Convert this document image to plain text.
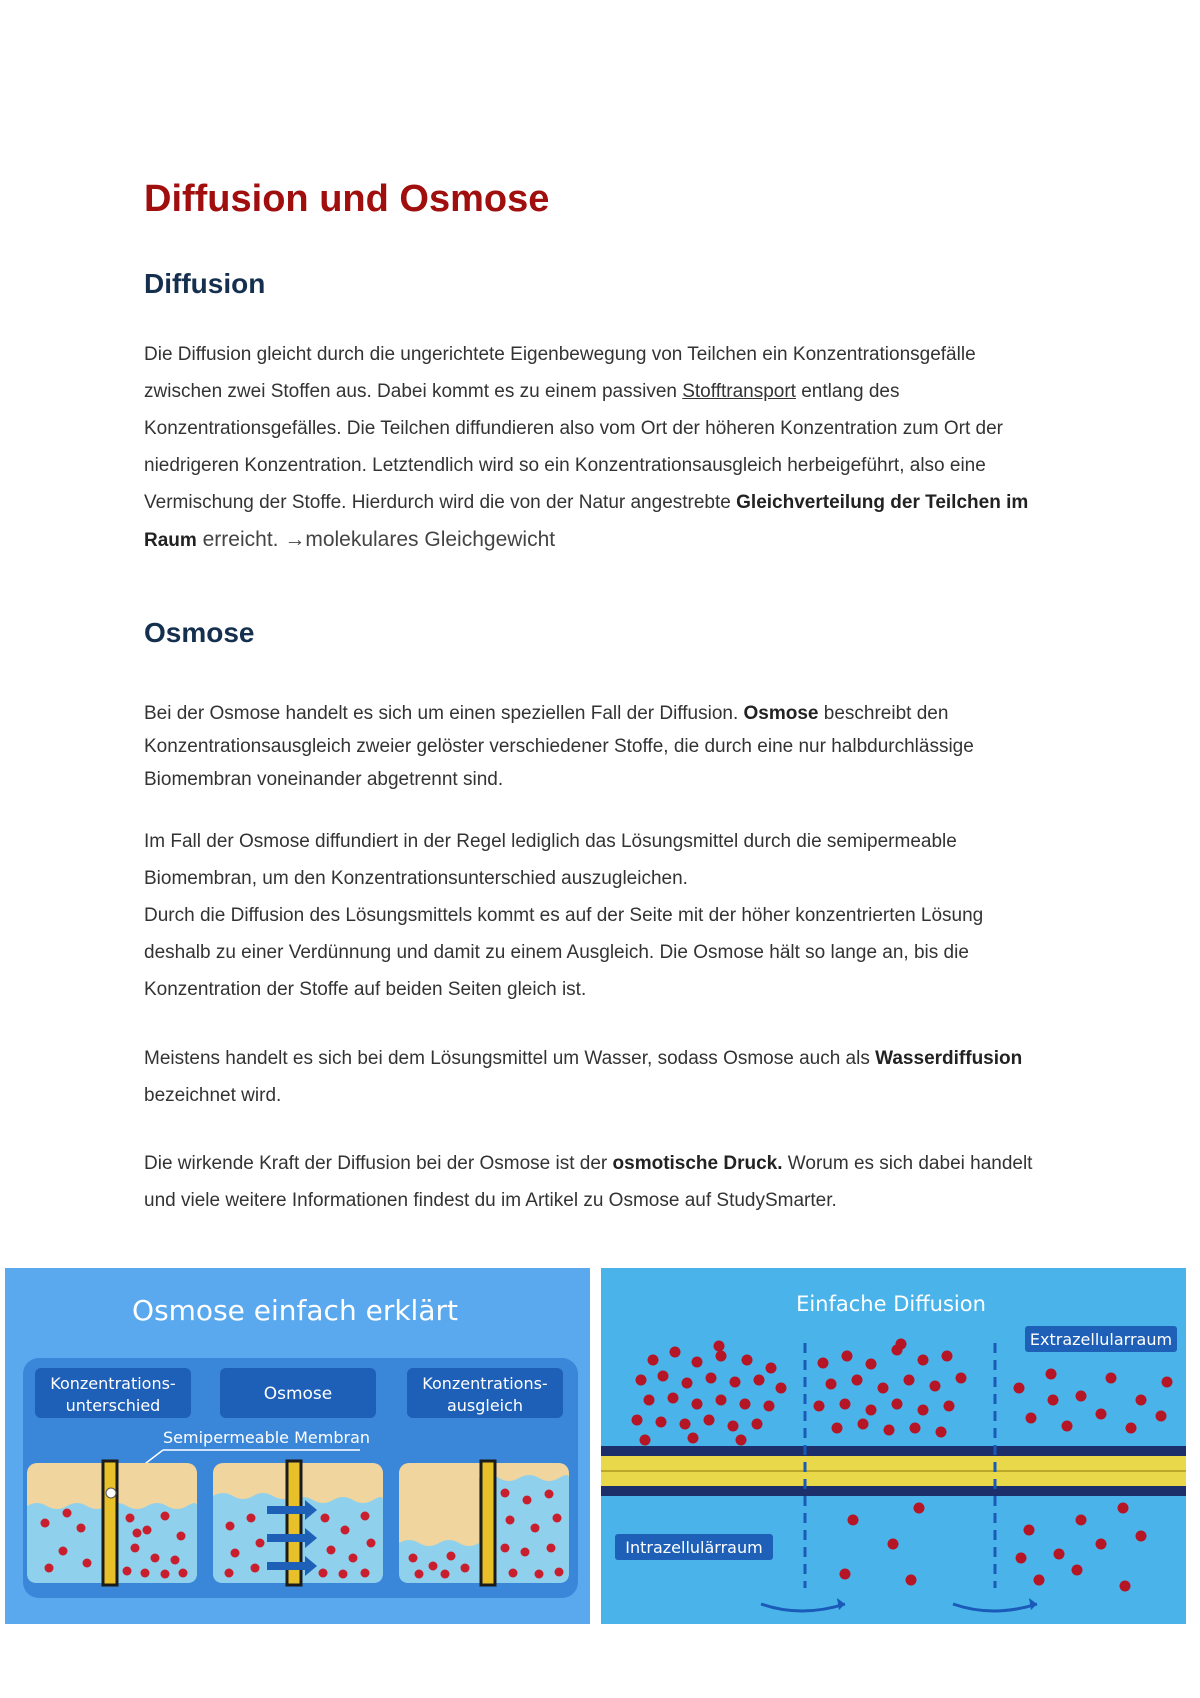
Diffusion und Osmose
Diffusion

Die Diffusion gleicht durch die ungerichtete Eigenbewegung von Teilchen ein Konzentrationsgefälle zwischen zwei Stoffen aus. Dabei kommt es zu einem passiven Stofftransport entlang des Konzentrationsgefälles. Die Teilchen diffundieren also vom Ort der höheren Konzentration zum Ort der niedrigeren Konzentration. Letztendlich wird so ein Konzentrationsausgleich herbeigeführt, also eine Vermischung der Stoffe. Hierdurch wird die von der Natur angestrebte Gleichverteilung der Teilchen im Raum erreicht. →molekulares Gleichgewicht

Osmose

Bei der Osmose handelt es sich um einen speziellen Fall der Diffusion. Osmose beschreibt den Konzentrationsausgleich zweier gelöster verschiedener Stoffe, die durch eine nur halbdurchlässige Biomembran voneinander abgetrennt sind.

Im Fall der Osmose diffundiert in der Regel lediglich das Lösungsmittel durch die semipermeable Biomembran, um den Konzentrationsunterschied auszugleichen.
Durch die Diffusion des Lösungsmittels kommt es auf der Seite mit der höher konzentrierten Lösung deshalb zu einer Verdünnung und damit zu einem Ausgleich. Die Osmose hält so lange an, bis die Konzentration der Stoffe auf beiden Seiten gleich ist.

Meistens handelt es sich bei dem Lösungsmittel um Wasser, sodass Osmose auch als Wasserdiffusion bezeichnet wird.

Die wirkende Kraft der Diffusion bei der Osmose ist der osmotische Druck. Worum es sich dabei handelt und viele weitere Informationen findest du im Artikel zu Osmose auf StudySmarter.

Osmose einfach erklärt
Konzentrations-
unterschied
Osmose
Konzentrations-
ausgleich
Semipermeable Membran
Einfache Diffusion
Extrazellularraum
Intrazellulärraum
